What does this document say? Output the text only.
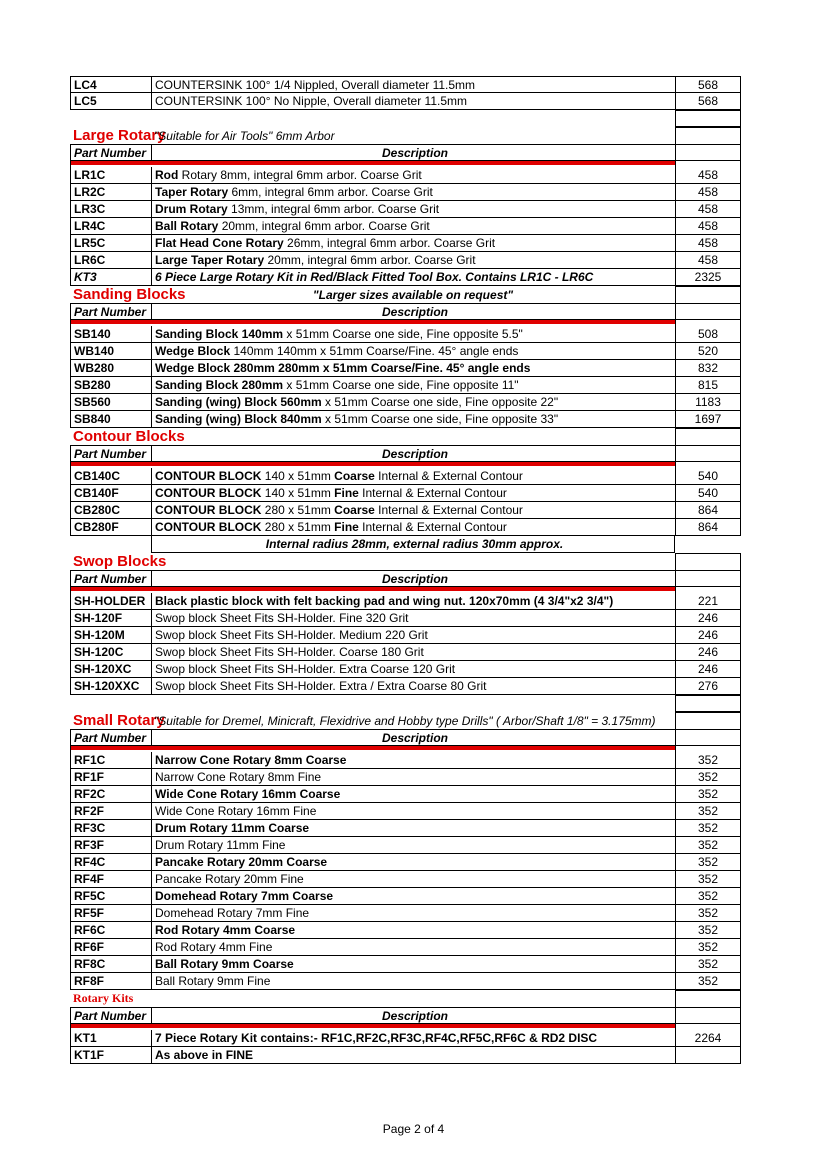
LC4	COUNTERSINK 100° 1/4 Nippled, Overall diameter 11.5mm	568
LC5	COUNTERSINK 100° No Nipple, Overall diameter 11.5mm	568
Large Rotary
"Suitable for Air Tools" 6mm Arbor
Part Number	Description
LR1C	Rod Rotary 8mm, integral 6mm arbor. Coarse Grit	458
LR2C	Taper Rotary 6mm, integral 6mm arbor. Coarse Grit	458
LR3C	Drum Rotary 13mm, integral 6mm arbor. Coarse Grit	458
LR4C	Ball Rotary 20mm, integral 6mm arbor. Coarse Grit	458
LR5C	Flat Head Cone Rotary 26mm, integral 6mm arbor. Coarse Grit	458
LR6C	Large Taper Rotary 20mm, integral 6mm arbor. Coarse Grit	458
KT3	6 Piece Large Rotary Kit in Red/Black Fitted Tool Box. Contains LR1C - LR6C	2325
Sanding Blocks	"Larger sizes available on request"
Part Number	Description
SB140	Sanding Block 140mm x 51mm Coarse one side, Fine opposite 5.5"	508
WB140	Wedge Block 140mm 140mm x 51mm Coarse/Fine. 45° angle ends	520
WB280	Wedge Block 280mm 280mm x 51mm Coarse/Fine. 45° angle ends	832
SB280	Sanding Block 280mm x 51mm Coarse one side, Fine opposite 11"	815
SB560	Sanding (wing) Block 560mm x 51mm Coarse one side, Fine opposite 22"	1183
SB840	Sanding (wing) Block 840mm x 51mm Coarse one side, Fine opposite 33"	1697
Contour Blocks
Part Number	Description
CB140C	CONTOUR BLOCK 140 x 51mm Coarse Internal & External Contour	540
CB140F	CONTOUR BLOCK 140 x 51mm Fine Internal & External Contour	540
CB280C	CONTOUR BLOCK 280 x 51mm Coarse Internal & External Contour	864
CB280F	CONTOUR BLOCK 280 x 51mm Fine Internal & External Contour	864
Internal radius 28mm, external radius 30mm approx.
Swop Blocks
Part Number	Description
SH-HOLDER Black plastic block with felt backing pad and wing nut. 120x70mm (4 3/4"x2 3/4")	221
SH-120F	Swop block Sheet Fits SH-Holder. Fine 320 Grit	246
SH-120M	Swop block Sheet Fits SH-Holder. Medium 220 Grit	246
SH-120C	Swop block Sheet Fits SH-Holder. Coarse 180 Grit	246
SH-120XC	Swop block Sheet Fits SH-Holder. Extra Coarse 120 Grit	246
SH-120XXC	Swop block Sheet Fits SH-Holder. Extra / Extra Coarse 80 Grit	276
Small Rotary
"Suitable for Dremel, Minicraft, Flexidrive and Hobby type Drills" ( Arbor/Shaft 1/8" = 3.175mm)
Part Number	Description
RF1C	Narrow Cone Rotary 8mm Coarse	352
RF1F	Narrow Cone Rotary 8mm Fine	352
RF2C	Wide Cone Rotary 16mm Coarse	352
RF2F	Wide Cone Rotary 16mm Fine	352
RF3C	Drum Rotary 11mm Coarse	352
RF3F	Drum Rotary 11mm Fine	352
RF4C	Pancake Rotary 20mm Coarse	352
RF4F	Pancake Rotary 20mm Fine	352
RF5C	Domehead Rotary 7mm Coarse	352
RF5F	Domehead Rotary 7mm Fine	352
RF6C	Rod Rotary 4mm Coarse	352
RF6F	Rod Rotary 4mm Fine	352
RF8C	Ball Rotary 9mm Coarse	352
RF8F	Ball Rotary 9mm Fine	352
Rotary Kits
Part Number	Description
KT1	7 Piece Rotary Kit contains:- RF1C,RF2C,RF3C,RF4C,RF5C,RF6C & RD2 DISC	2264
KT1F	As above in FINE
Page 2 of 4
